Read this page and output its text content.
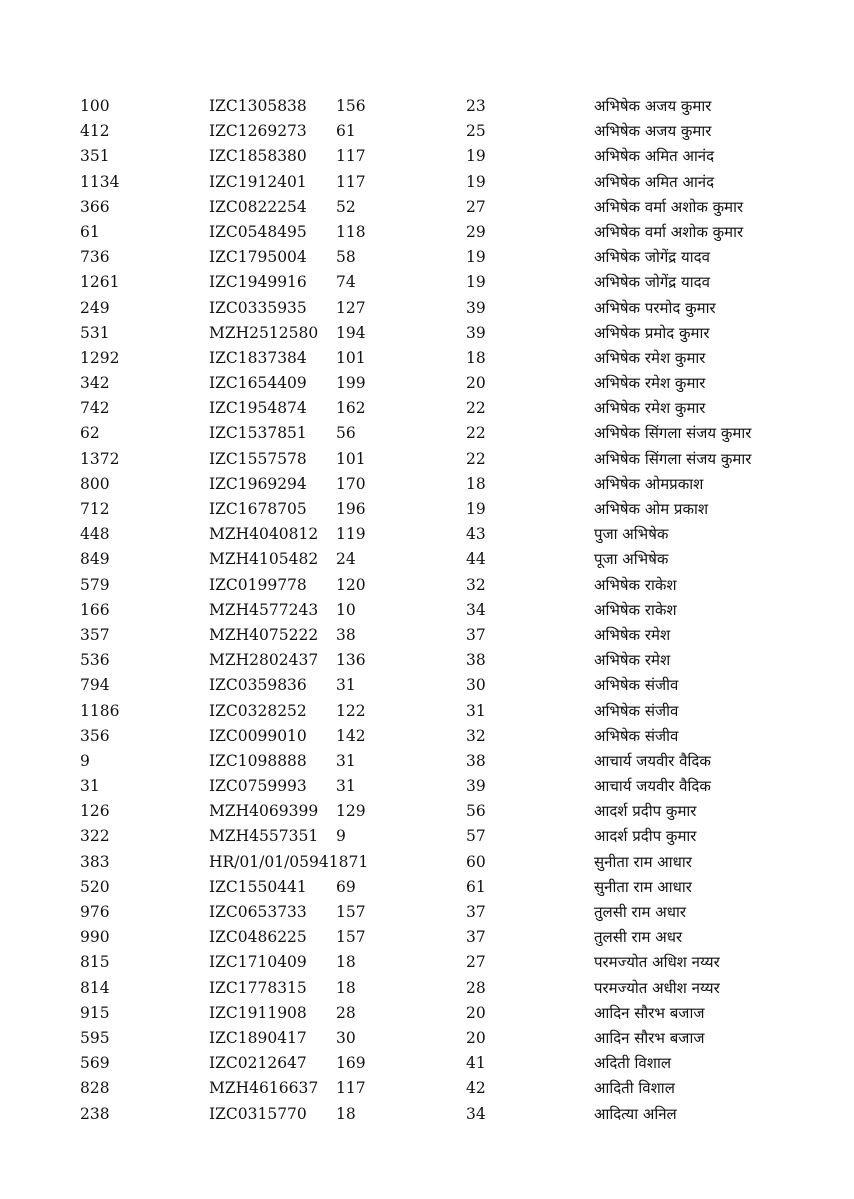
100	IZC1305838 156	23	अभिषेक अजय कुमार
412	IZC1269273 61	25	अभिषेक अजय कुमार
351	IZC1858380 117	19	अभिषेक अमित आनंद
1134	IZC1912401 117	19	अभिषेक अमित आनंद
366	IZC0822254 52	27	अभिषेक वर्मा अशोक कुमार
61	IZC0548495 118	29	अभिषेक वर्मा अशोक कुमार
736	IZC1795004 58	19	अभिषेक जोगेंद्र यादव
1261	IZC1949916 74	19	अभिषेक जोगेंद्र यादव
249	IZC0335935 127	39	अभिषेक परमोद कुमार
531	MZH2512580 194	39	अभिषेक प्रमोद कुमार
1292	IZC1837384 101	18	अभिषेक रमेश कुमार
342	IZC1654409 199	20	अभिषेक रमेश कुमार
742	IZC1954874 162	22	अभिषेक रमेश कुमार
62	IZC1537851 56	22	अभिषेक सिंगला संजय कुमार
1372	IZC1557578 101	22	अभिषेक सिंगला संजय कुमार
800	IZC1969294 170	18	अभिषेक ओमप्रकाश
712	IZC1678705 196	19	अभिषेक ओम प्रकाश
448	MZH4040812 119	43	पुजा अभिषेक
849	MZH4105482 24	44	पूजा अभिषेक
579	IZC0199778 120	32	अभिषेक राकेश
166	MZH4577243 10	34	अभिषेक राकेश
357	MZH4075222 38	37	अभिषेक रमेश
536	MZH2802437 136	38	अभिषेक रमेश
794	IZC0359836 31	30	अभिषेक संजीव
1186	IZC0328252 122	31	अभिषेक संजीव
356	IZC0099010 142	32	अभिषेक संजीव
9	IZC1098888 31	38	आचार्य जयवीर वैदिक
31	IZC0759993 31	39	आचार्य जयवीर वैदिक
126	MZH4069399 129	56	आदर्श प्रदीप कुमार
322	MZH4557351 9	57	आदर्श प्रदीप कुमार
383	HR/01/01/05941871	60	सुनीता राम आधार
520	IZC1550441 69	61	सुनीता राम आधार
976	IZC0653733 157	37	तुलसी राम अधार
990	IZC0486225 157	37	तुलसी राम अधर
815	IZC1710409 18	27	परमज्योत अधिश नय्यर
814	IZC1778315 18	28	परमज्योत अधीश नय्यर
915	IZC1911908 28	20	आदिन सौरभ बजाज
595	IZC1890417 30	20	आदिन सौरभ बजाज
569	IZC0212647 169	41	अदिती विशाल
828	MZH4616637 117	42	आदिती विशाल
238	IZC0315770 18	34	आदित्या अनिल
